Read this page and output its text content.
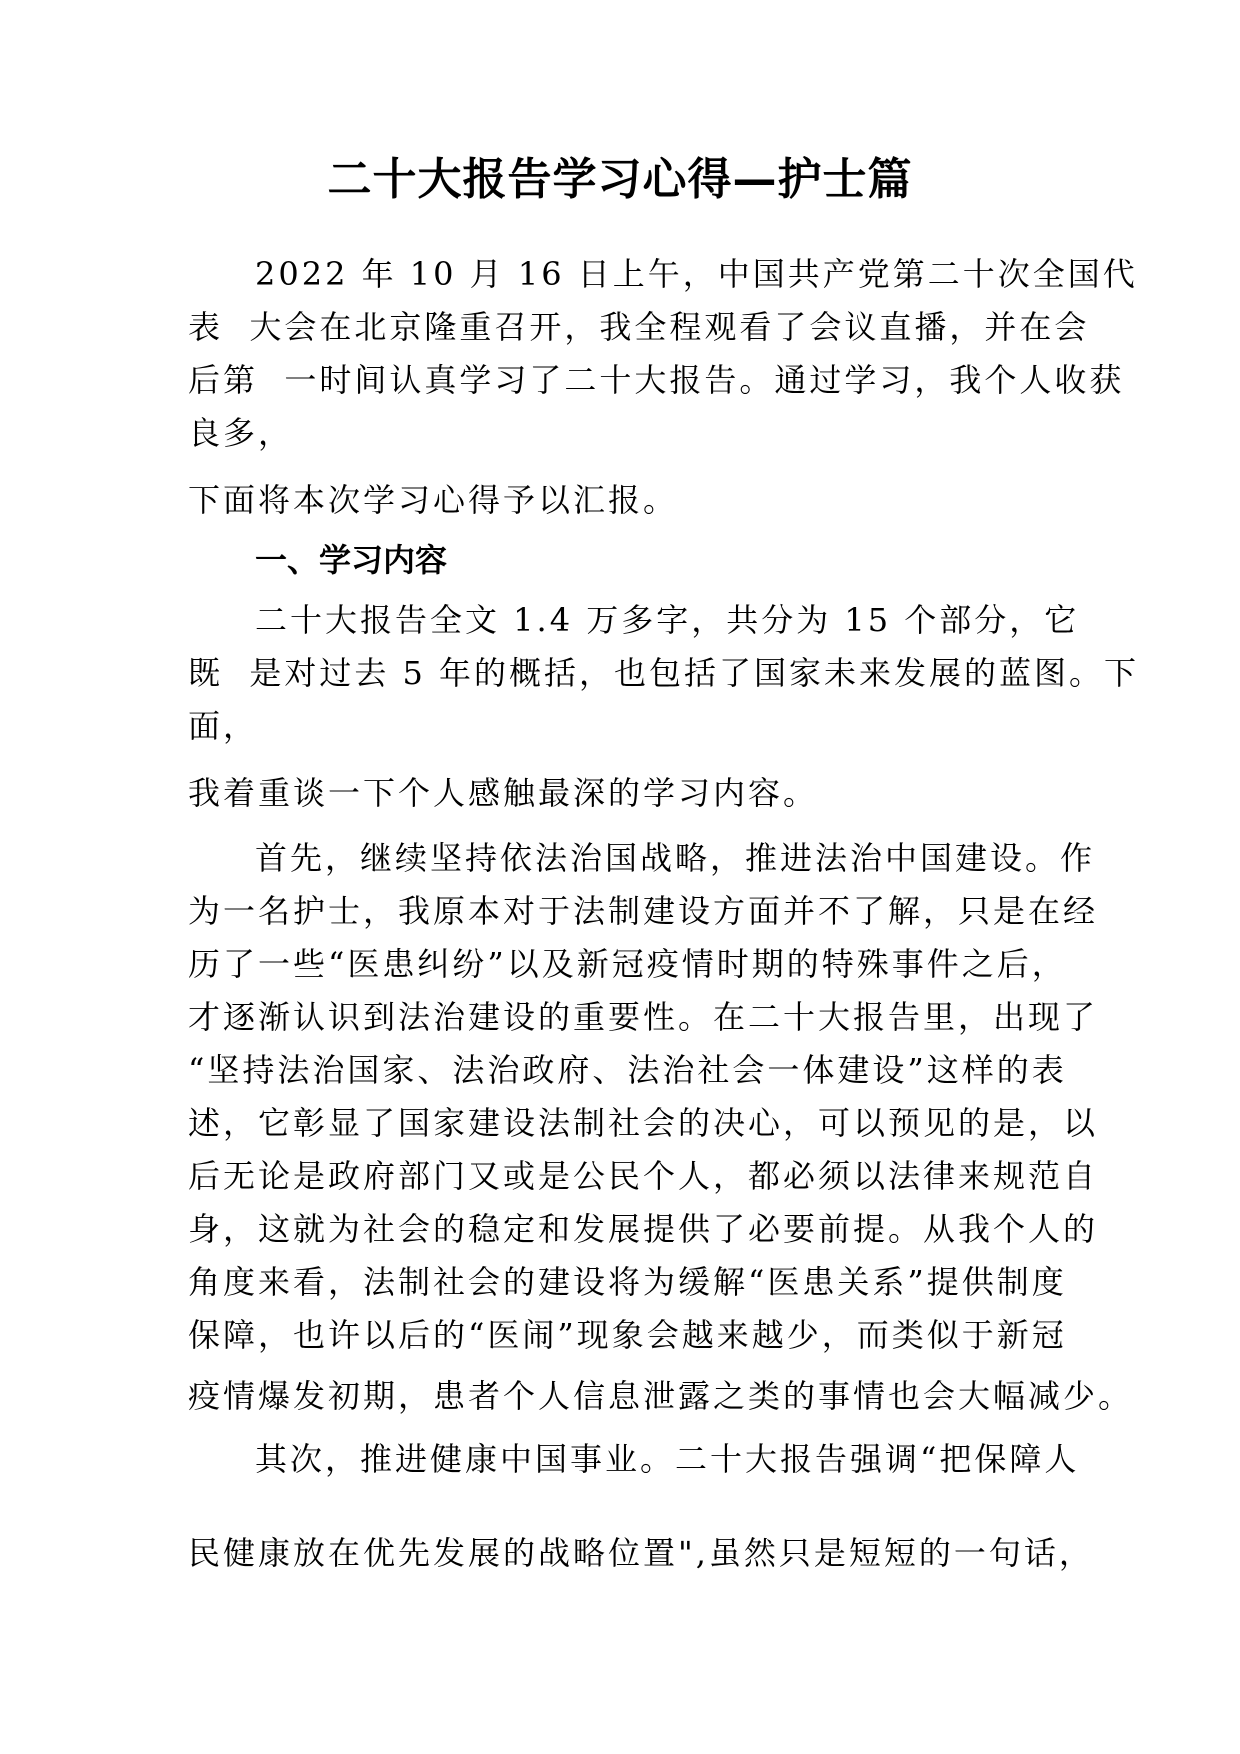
二十大报告学习心得—护士篇
2022 年 10 月 16 日上午，中国共产党第二十次全国代
表  大会在北京隆重召开，我全程观看了会议直播，并在会
后第  一时间认真学习了二十大报告。通过学习，我个人收获
良多，
下面将本次学习心得予以汇报。
一、学习内容
二十大报告全文 1.4 万多字，共分为 15 个部分，它
既  是对过去 5 年的概括，也包括了国家未来发展的蓝图。下
面，
我着重谈一下个人感触最深的学习内容。
首先，继续坚持依法治国战略，推进法治中国建设。作
为一名护士，我原本对于法制建设方面并不了解，只是在经
历了一些“医患纠纷”以及新冠疫情时期的特殊事件之后，
才逐渐认识到法治建设的重要性。在二十大报告里，出现了
“坚持法治国家、法治政府、法治社会一体建设”这样的表
述，它彰显了国家建设法制社会的决心，可以预见的是，以
后无论是政府部门又或是公民个人，都必须以法律来规范自
身，这就为社会的稳定和发展提供了必要前提。从我个人的
角度来看，法制社会的建设将为缓解“医患关系”提供制度
保障，也许以后的“医闹”现象会越来越少，而类似于新冠
疫情爆发初期，患者个人信息泄露之类的事情也会大幅减少。
其次，推进健康中国事业。二十大报告强调“把保障人
民健康放在优先发展的战略位置",虽然只是短短的一句话，
